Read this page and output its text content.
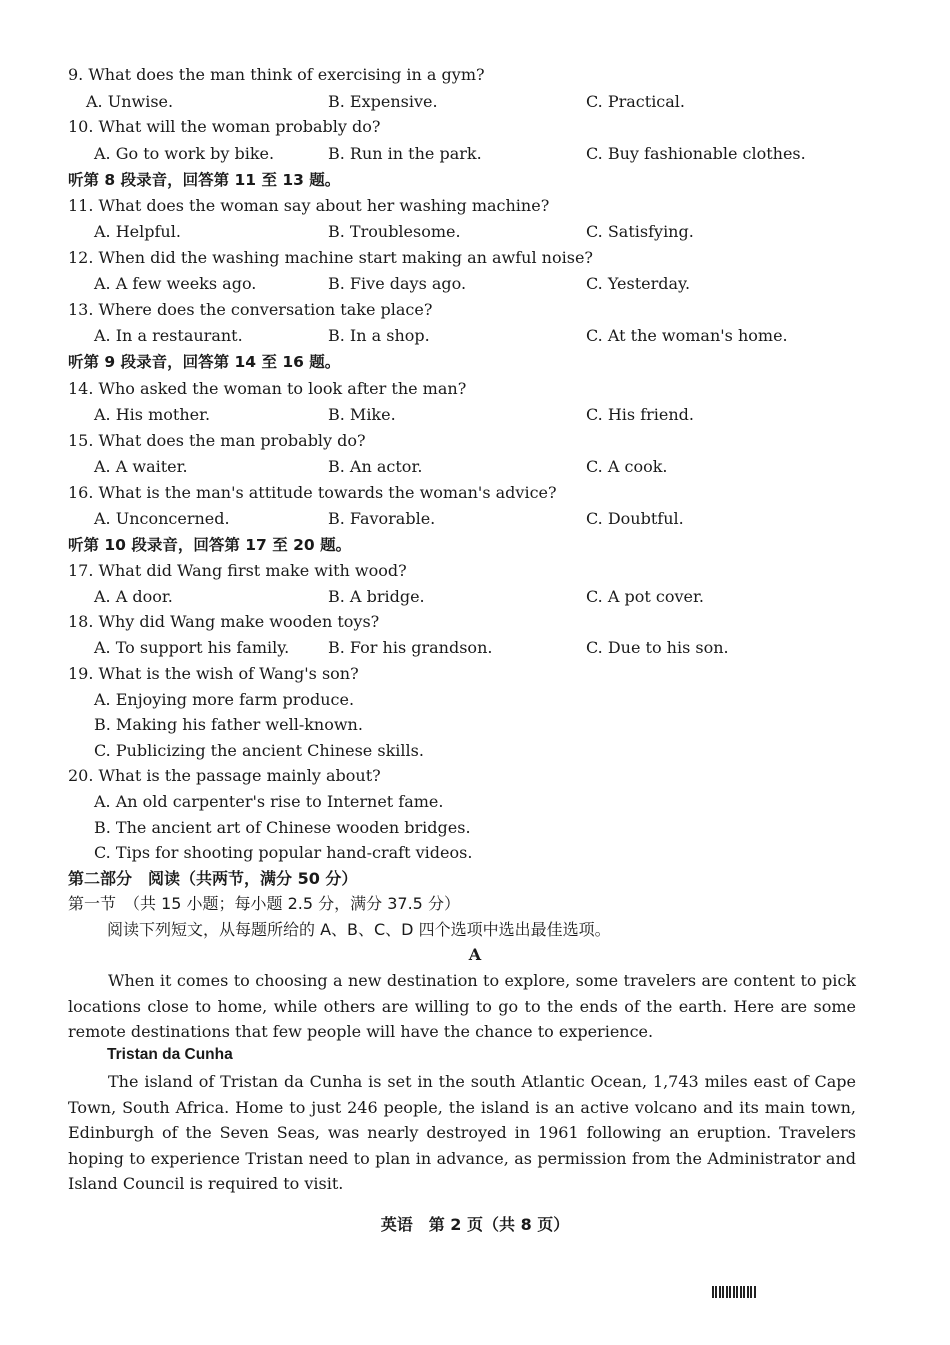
9. What does the man think of exercising in a gym?
A. Unwise.	B. Expensive.	C. Practical.
10. What will the woman probably do?
A. Go to work by bike.	B. Run in the park.	C. Buy fashionable clothes.
听第 8 段录音，回答第 11 至 13 题。
11. What does the woman say about her washing machine?
A. Helpful.	B. Troublesome.	C. Satisfying.
12. When did the washing machine start making an awful noise?
A. A few weeks ago.	B. Five days ago.	C. Yesterday.
13. Where does the conversation take place?
A. In a restaurant.	B. In a shop.	C. At the woman's home.
听第 9 段录音，回答第 14 至 16 题。
14. Who asked the woman to look after the man?
A. His mother.	B. Mike.	C. His friend.
15. What does the man probably do?
A. A waiter.	B. An actor.	C. A cook.
16. What is the man's attitude towards the woman's advice?
A. Unconcerned.	B. Favorable.	C. Doubtful.
听第 10 段录音，回答第 17 至 20 题。
17. What did Wang first make with wood?
A. A door.	B. A bridge.	C. A pot cover.
18. Why did Wang make wooden toys?
A. To support his family. B. For his grandson.	C. Due to his son.
19. What is the wish of Wang's son?
A. Enjoying more farm produce.
B. Making his father well-known.
C. Publicizing the ancient Chinese skills.
20. What is the passage mainly about?
A. An old carpenter's rise to Internet fame.
B. The ancient art of Chinese wooden bridges.
C. Tips for shooting popular hand-craft videos.
第二部分　阅读（共两节，满分 50 分）
第一节　（共 15 小题；每小题 2.5 分，满分 37.5 分）
阅读下列短文，从每题所给的 A、B、C、D 四个选项中选出最佳选项。
A

When it comes to choosing a new destination to explore, some travelers are content to pick locations close to home, while others are willing to go to the ends of the earth. Here are some remote destinations that few people will have the chance to experience.

Tristan da Cunha

The island of Tristan da Cunha is set in the south Atlantic Ocean, 1,743 miles east of Cape Town, South Africa. Home to just 246 people, the island is an active volcano and its main town, Edinburgh of the Seven Seas, was nearly destroyed in 1961 following an eruption. Travelers hoping to experience Tristan need to plan in advance, as permission from the Administrator and Island Council is required to visit.

英语　第 2 页（共 8 页）
